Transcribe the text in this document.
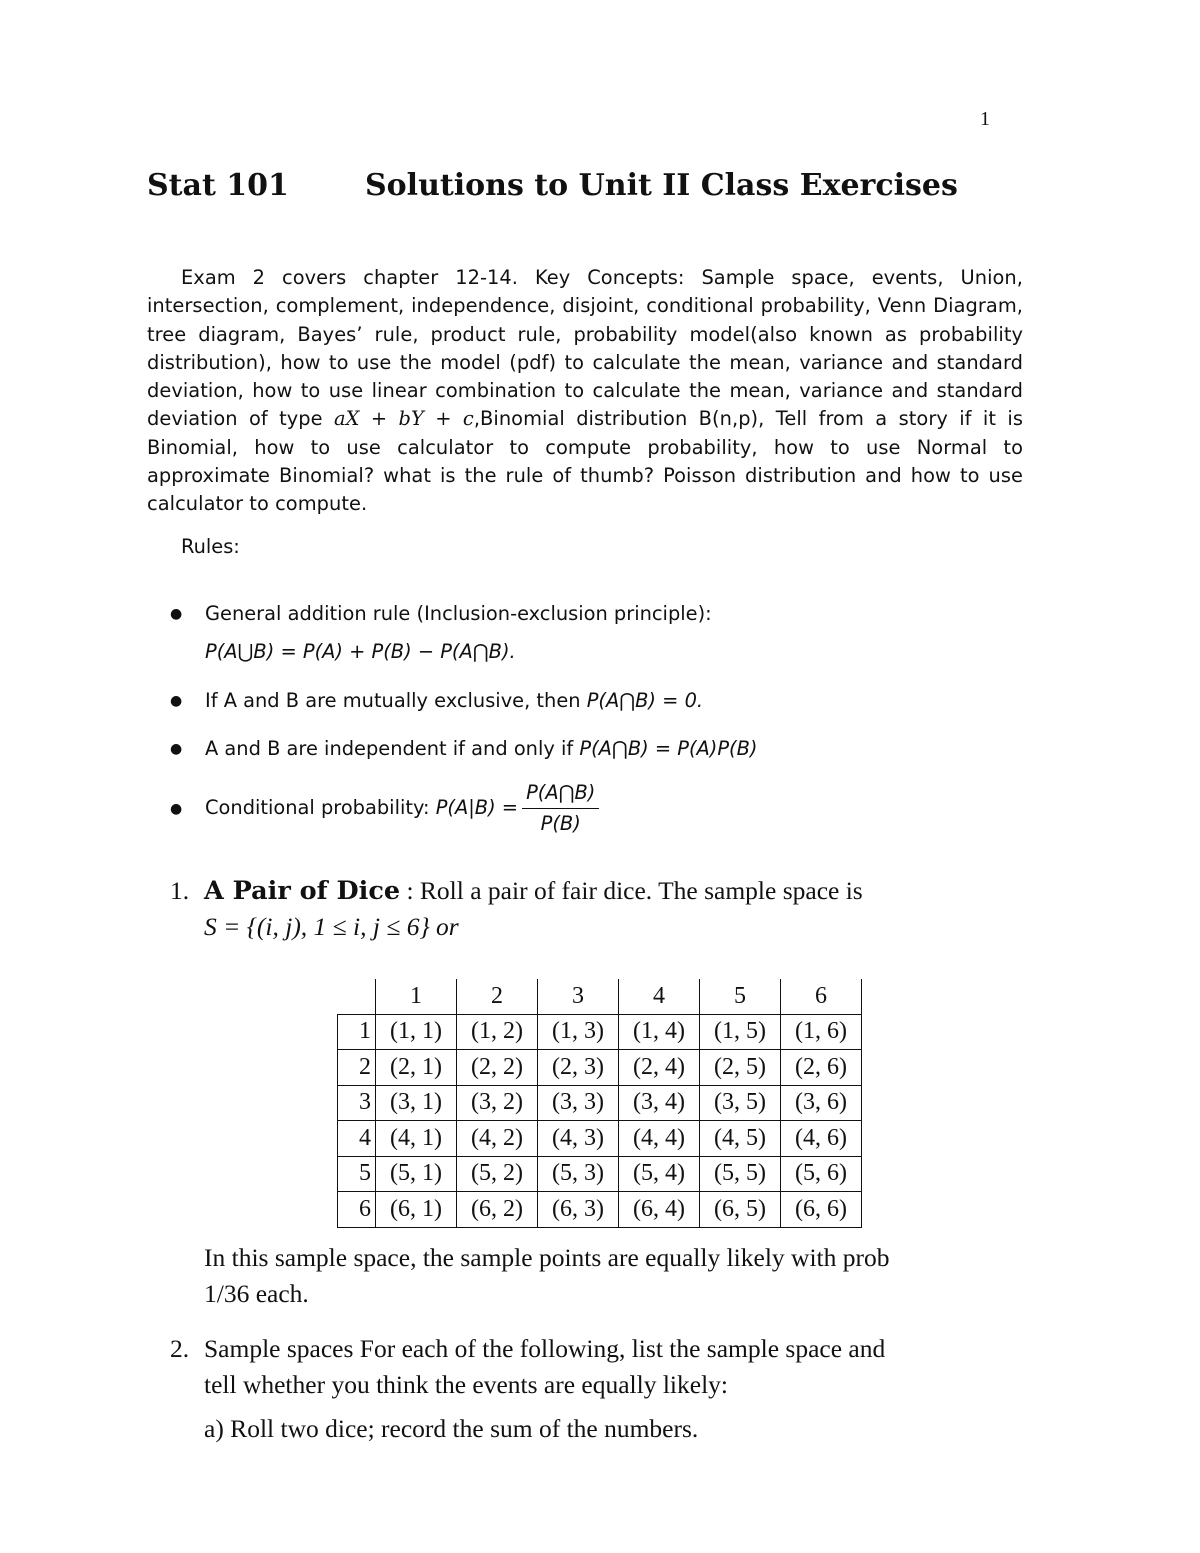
1
Stat 101	Solutions to Unit II Class Exercises

Exam 2 covers chapter 12-14. Key Concepts: Sample space, events, Union, intersection, complement, independence, disjoint, conditional probability, Venn Diagram, tree diagram, Bayes’ rule, product rule, probability model(also known as probability distribution), how to use the model (pdf) to calculate the mean, variance and standard deviation, how to use linear combination to calculate the mean, variance and standard deviation of type aX + bY + c,Binomial distribution B(n,p), Tell from a story if it is Binomial, how to use calculator to compute probability, how to use Normal to approximate Binomial? what is the rule of thumb? Poisson distribution and how to use calculator to compute.

Rules:
● General addition rule (Inclusion-exclusion principle):
P(A⋃B) = P(A) + P(B) − P(A⋂B).
● If A and B are mutually exclusive, then P(A⋂B) = 0.
● A and B are independent if and only if P(A⋂B) = P(A)P(B)
● Conditional probability: $P(A|B) = \frac{P(A⋂B)}{P(B)}$
1. A Pair of Dice : Roll a pair of fair dice. The sample space is
S = {(i, j), 1 ≤ i, j ≤ 6} or
	1	2	3	4	5	6
1	(1, 1)	(1, 2)	(1, 3)	(1, 4)	(1, 5)	(1, 6)
2	(2, 1)	(2, 2)	(2, 3)	(2, 4)	(2, 5)	(2, 6)
3	(3, 1)	(3, 2)	(3, 3)	(3, 4)	(3, 5)	(3, 6)
4	(4, 1)	(4, 2)	(4, 3)	(4, 4)	(4, 5)	(4, 6)
5	(5, 1)	(5, 2)	(5, 3)	(5, 4)	(5, 5)	(5, 6)
6	(6, 1)	(6, 2)	(6, 3)	(6, 4)	(6, 5)	(6, 6)
In this sample space, the sample points are equally likely with prob
1/36 each.
2. Sample spaces For each of the following, list the sample space and
tell whether you think the events are equally likely:
a) Roll two dice; record the sum of the numbers.
